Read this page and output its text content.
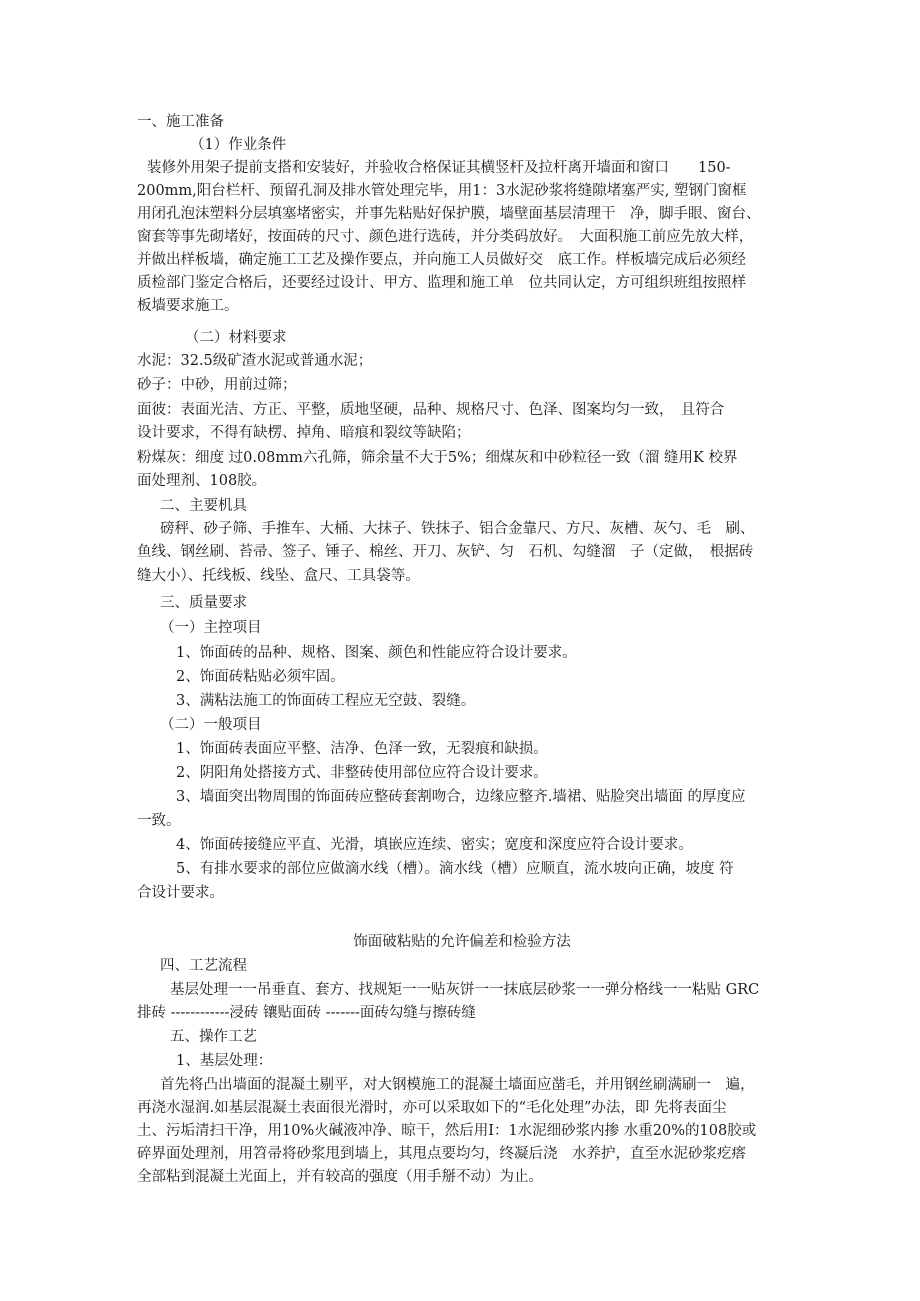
一、施工准备
（1）作业条件
装修外用架子提前支搭和安装好，并验收合格保证其横竖杆及拉杆离开墙面和窗口　　150-
200mm,阳台栏杆、预留孔洞及排水管处理完毕，用1：3水泥砂浆将缝隙堵塞严实, 塑钢门窗框
用闭孔泡沫塑料分层填塞堵密实，并事先粘贴好保护膜，墙壁面基层清理干　净，脚手眼、窗台、
窗套等事先砌堵好，按面砖的尺寸、颜色进行选砖，并分类码放好。　大面积施工前应先放大样，
并做出样板墙，确定施工工艺及操作要点，并向施工人员做好交　底工作。样板墙完成后必须经
质检部门鉴定合格后，还要经过设计、甲方、监理和施工单　位共同认定，方可组织班组按照样
板墙要求施工。
（二）材料要求
水泥：32.5级矿渣水泥或普通水泥；
砂子：中砂，用前过筛；
面彼：表面光洁、方正、平整，质地坚硬，品种、规格尺寸、色泽、图案均匀一致，　且符合
设计要求，不得有缺楞、掉角、暗痕和裂纹等缺陷；
粉煤灰：细度 过0.08mm六孔筛，筛余量不大于5%；细煤灰和中砂粒径一致（溜 缝用K 校界
面处理剂、108胶。
二、主要机具
磅秤、砂子筛、手推车、大桶、大抹子、铁抹子、铝合金靠尺、方尺、灰槽、灰勺、毛　刷、
鱼线、钢丝刷、苔帚、签子、锤子、棉丝、开刀、灰铲、匀　石机、勾缝溜　子（定做，　根据砖
缝大小）、托线板、线坠、盒尺、工具袋等。
三、质量要求
（一）主控项目
1、饰面砖的品种、规格、图案、颜色和性能应符合设计要求。
2、饰面砖粘贴必须牢固。
3、满粘法施工的饰面砖工程应无空鼓、裂缝。
（二）一般项目
1、饰面砖表面应平整、洁净、色泽一致，无裂痕和缺损。
2、阴阳角处搭接方式、非整砖使用部位应符合设计要求。
3、墙面突出物周围的饰面砖应整砖套割吻合，边缘应整齐.墙裙、贴脸突出墙面 的厚度应
一致。
4、饰面砖接缝应平直、光滑，填嵌应连续、密实；宽度和深度应符合设计要求。
5、有排水要求的部位应做滴水线（槽）。滴水线（槽）应顺直，流水坡向正确，坡度 符
合设计要求。
饰面破粘贴的允许偏差和检验方法
四、工艺流程
基层处理一一吊垂直、套方、找规矩一一贴灰饼一一抹底层砂浆一一弹分格线一一粘贴 GRC
排砖 ------------浸砖 镶贴面砖 -------面砖勾缝与擦砖缝
五、操作工艺
1、基层处理：
首先将凸出墙面的混凝土剔平，对大钢模施工的混凝土墙面应凿毛，并用钢丝刷满刷一　遍，
再浇水湿润.如基层混凝土表面很光滑时，亦可以采取如下的“毛化处理”办法，即 先将表面尘
土、污垢清扫干净，用10%火碱液冲净、晾干，然后用I：1水泥细砂浆内掺 水重20%的108胶或
碎界面处理剂，用笤帚将砂浆甩到墙上，其甩点要均匀，终凝后浇　水养护，直至水泥砂浆疙瘩
全部粘到混凝土光面上，并有较高的强度（用手掰不动）为止。
